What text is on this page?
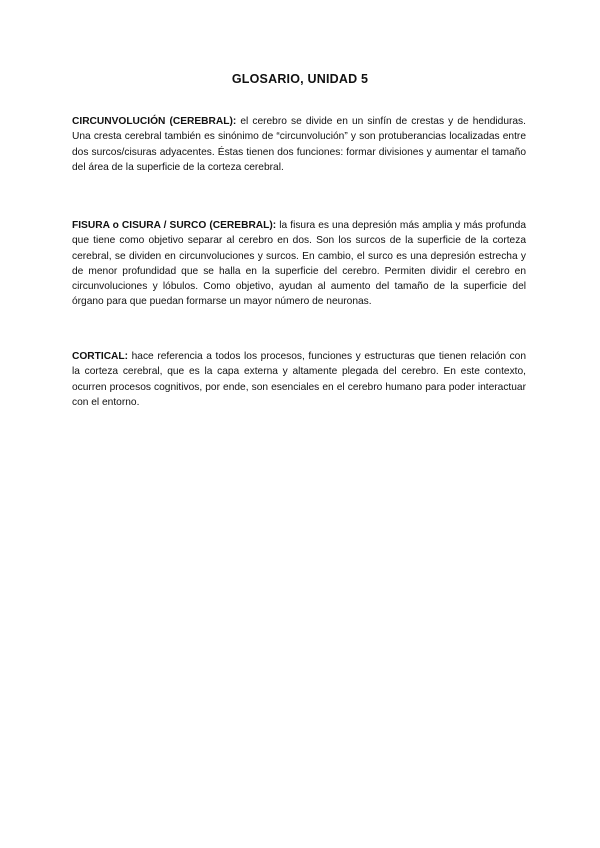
GLOSARIO, UNIDAD 5

CIRCUNVOLUCIÓN (CEREBRAL): el cerebro se divide en un sinfín de crestas y de hendiduras. Una cresta cerebral también es sinónimo de “circunvolución” y son protuberancias localizadas entre dos surcos/cisuras adyacentes. Éstas tienen dos funciones: formar divisiones y aumentar el tamaño del área de la superficie de la corteza cerebral.

FISURA o CISURA / SURCO (CEREBRAL): la fisura es una depresión más amplia y más profunda que tiene como objetivo separar al cerebro en dos. Son los surcos de la superficie de la corteza cerebral, se dividen en circunvoluciones y surcos. En cambio, el surco es una depresión estrecha y de menor profundidad que se halla en la superficie del cerebro. Permiten dividir el cerebro en circunvoluciones y lóbulos. Como objetivo, ayudan al aumento del tamaño de la superficie del órgano para que puedan formarse un mayor número de neuronas.

CORTICAL: hace referencia a todos los procesos, funciones y estructuras que tienen relación con la corteza cerebral, que es la capa externa y altamente plegada del cerebro. En este contexto, ocurren procesos cognitivos, por ende, son esenciales en el cerebro humano para poder interactuar con el entorno.
